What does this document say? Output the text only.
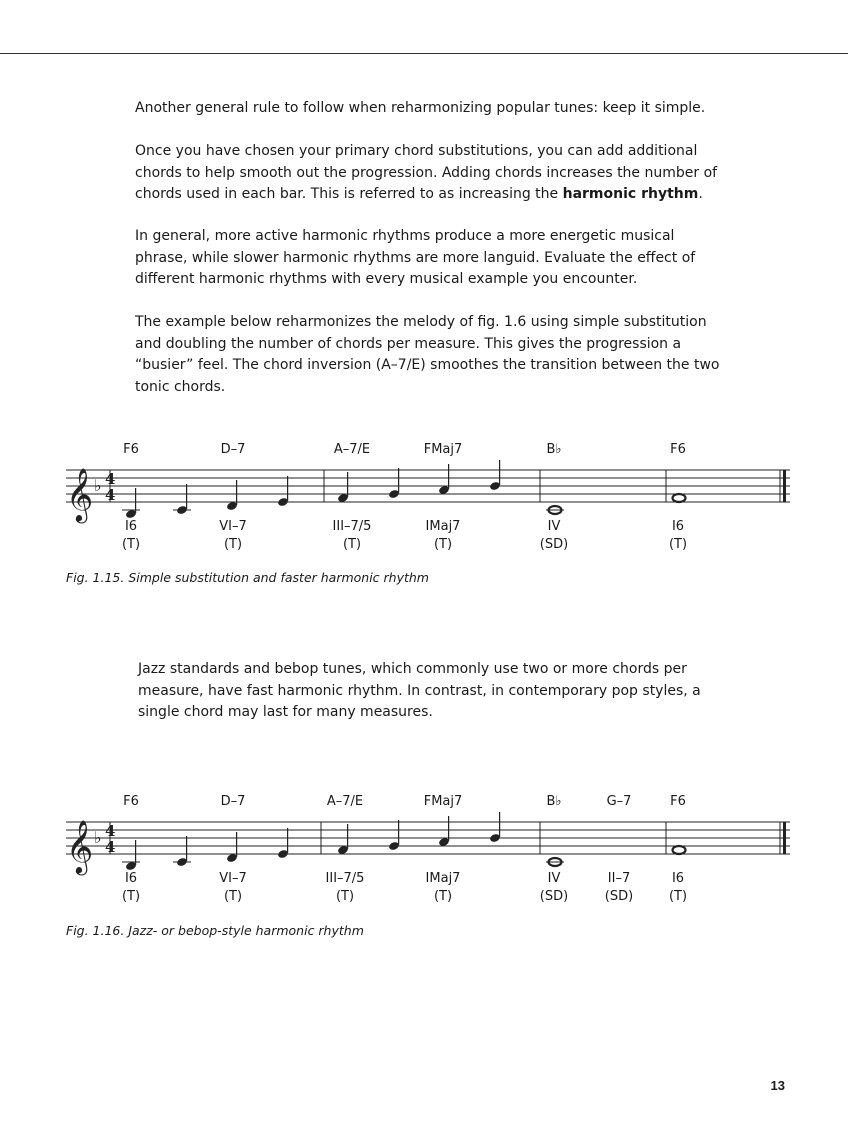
Another general rule to follow when reharmonizing popular tunes: keep it simple.

Once you have chosen your primary chord substitutions, you can add additional chords to help smooth out the progression. Adding chords increases the number of chords used in each bar. This is referred to as increasing the harmonic rhythm.

In general, more active harmonic rhythms produce a more energetic musical phrase, while slower harmonic rhythms are more languid. Evaluate the effect of different harmonic rhythms with every musical example you encounter.

The example below reharmonizes the melody of fig. 1.6 using simple substitution and doubling the number of chords per measure. This gives the progression a “busier” feel. The chord inversion (A–7/E) smoothes the transition between the two tonic chords.

F6
I6
(T)
D–7
VI–7
(T)
A–7/E
III–7/5
(T)
FMaj7
IMaj7
(T)
B♭
IV
(SD)
F6
I6
(T)
𝄞 ♭ 4
4

Fig. 1.15. Simple substitution and faster harmonic rhythm

Jazz standards and bebop tunes, which commonly use two or more chords per measure, have fast harmonic rhythm. In contrast, in contemporary pop styles, a single chord may last for many measures.

F6
I6
(T)
D–7
VI–7
(T)
A–7/E
III–7/5
(T)
FMaj7
IMaj7
(T)
B♭
IV
(SD)
G–7
II–7
(SD)
F6
I6
(T)
𝄞 ♭ 4
4

Fig. 1.16. Jazz- or bebop-style harmonic rhythm

13
